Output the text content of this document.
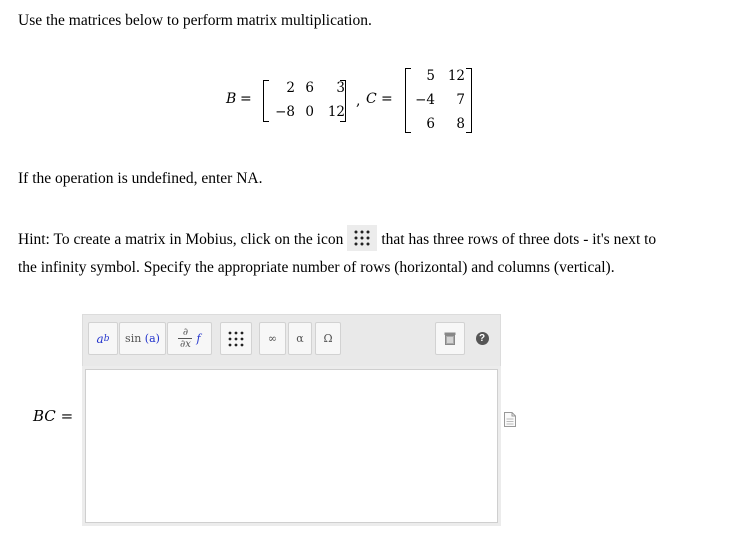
Use the matrices below to perform matrix multiplication.
B =
2 6	3
−8 0 12
, C =
5 12
−4	7
6	8
If the operation is undefined, enter NA.
Hint: To create a matrix in Mobius, click on the icon that has three rows of three dots - it's next to
the infinity symbol. Specify the appropriate number of rows (horizontal) and columns (vertical).
a b sin
(a) ∂
∂x f	∞ α Ω	?
BC =
